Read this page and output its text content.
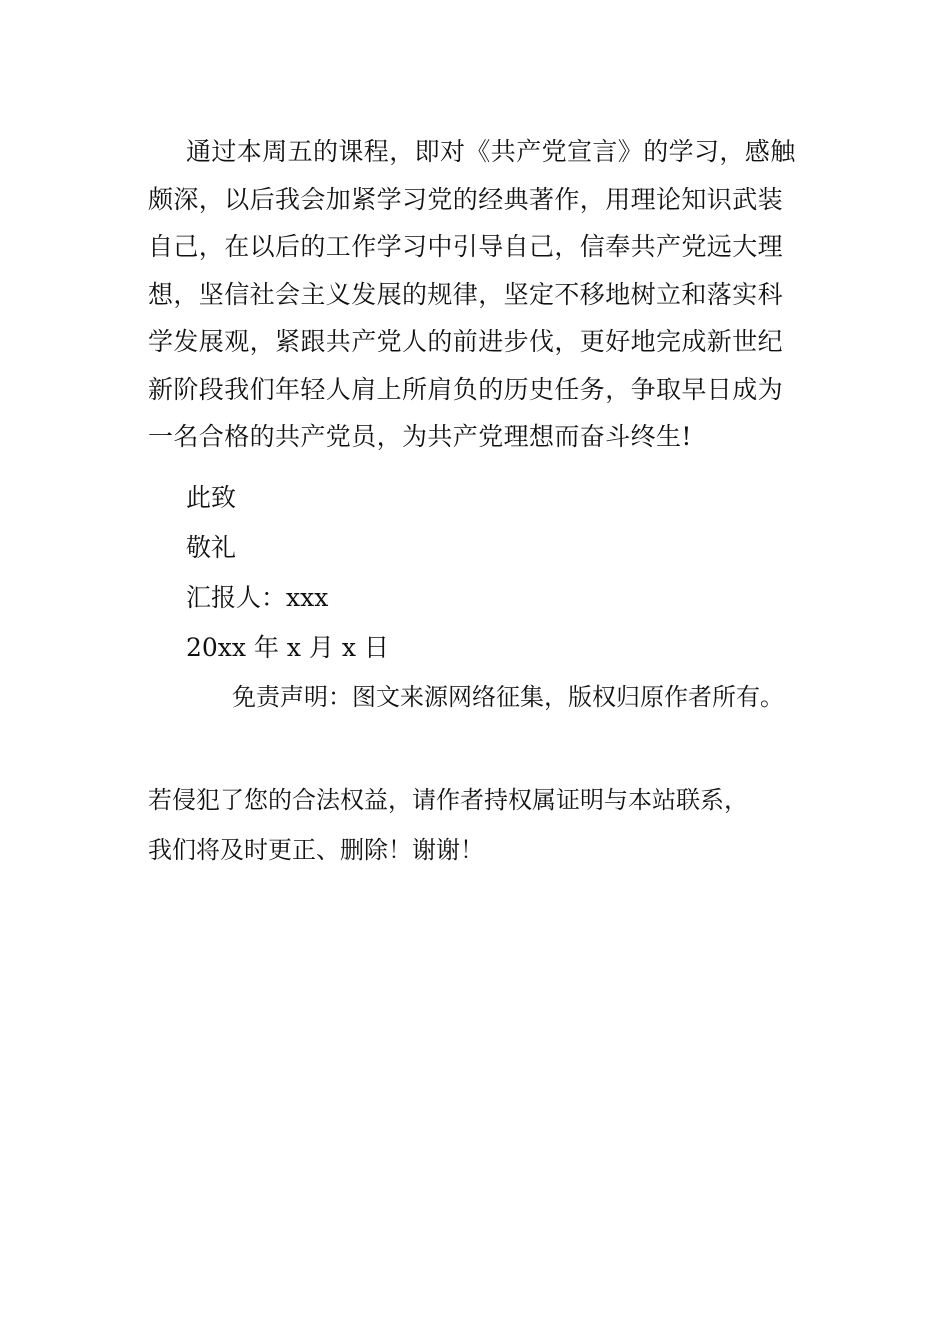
通过本周五的课程，即对《共产党宣言》的学习，感触
颇深，以后我会加紧学习党的经典著作，用理论知识武装
自己，在以后的工作学习中引导自己，信奉共产党远大理
想，坚信社会主义发展的规律，坚定不移地树立和落实科
学发展观，紧跟共产党人的前进步伐，更好地完成新世纪
新阶段我们年轻人肩上所肩负的历史任务，争取早日成为
一名合格的共产党员，为共产党理想而奋斗终生!
此致
敬礼
汇报人：xxx
20xx 年 x 月 x 日
免责声明：图文来源网络征集，版权归原作者所有。
若侵犯了您的合法权益，请作者持权属证明与本站联系，
我们将及时更正、删除！谢谢！
